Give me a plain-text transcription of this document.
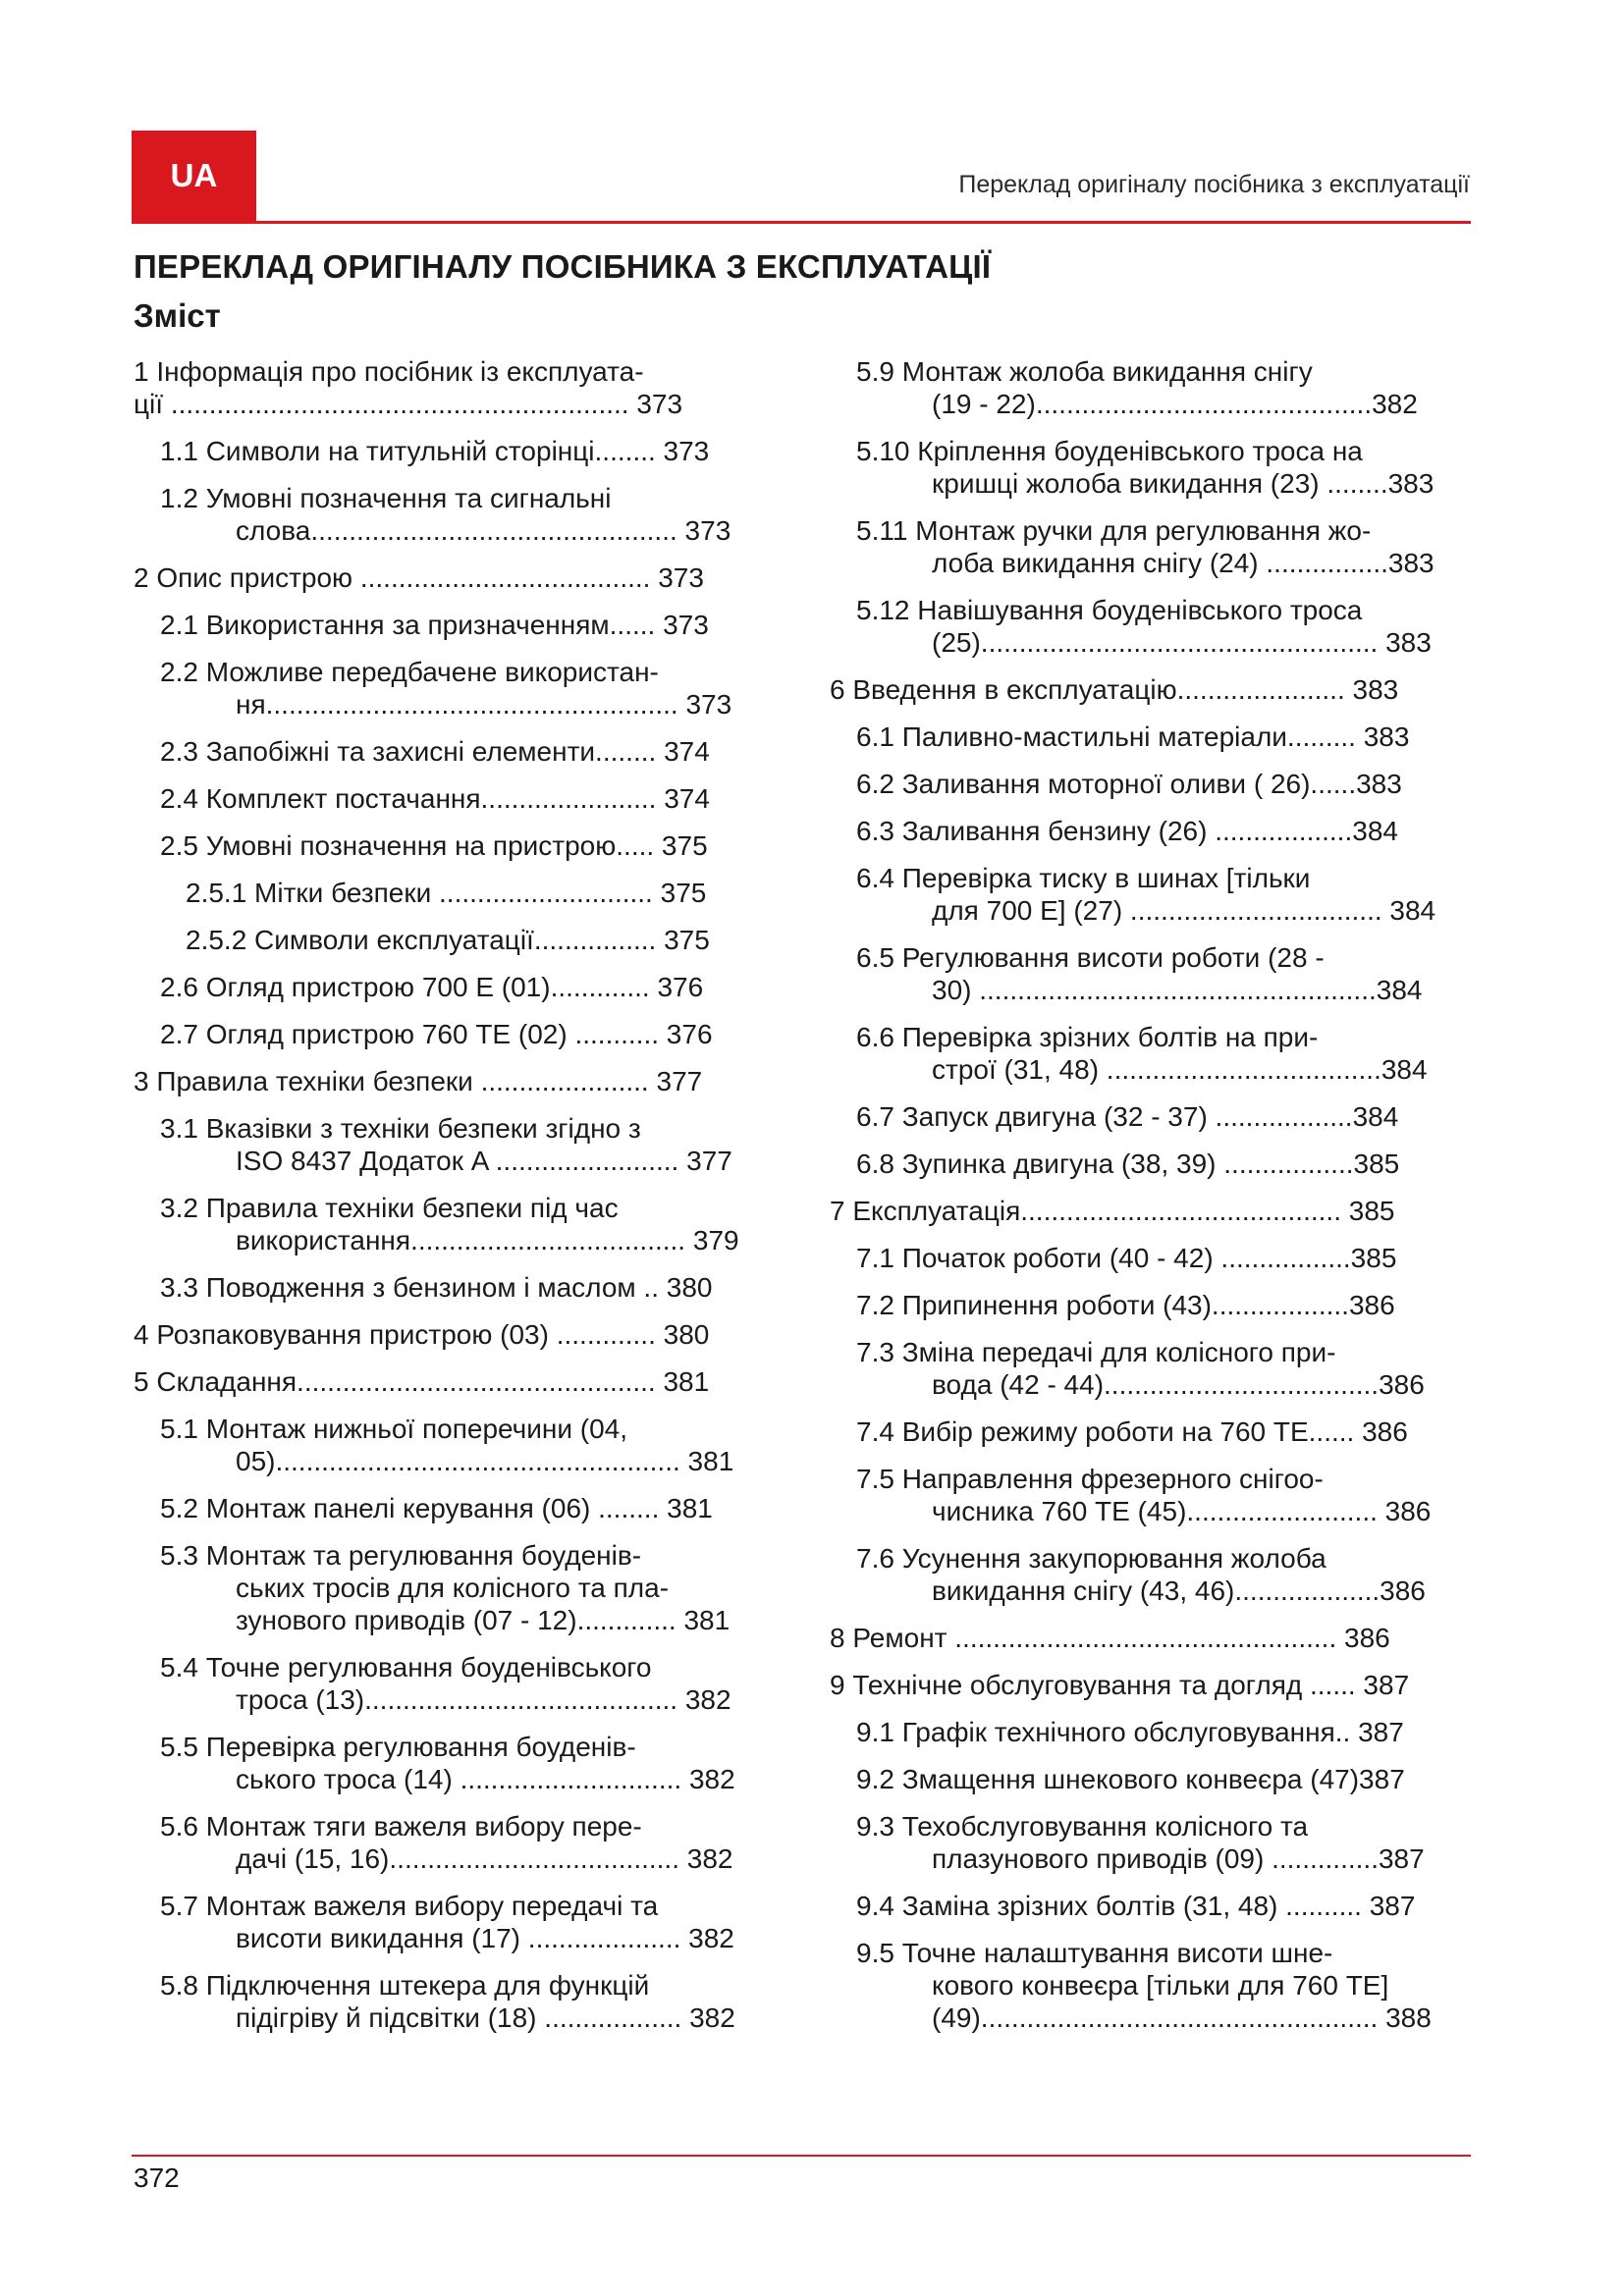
UA	Переклад оригіналу посібника з експлуатації
ПЕРЕКЛАД ОРИГІНАЛУ ПОСІБНИКА З ЕКСПЛУАТАЦІЇ
Зміст
1 Інформація про посібник із експлуата-
ції ............................................................ 373
1.1 Символи на титульній сторінці........ 373
1.2 Умовні позначення та сигнальні
слова................................................ 373
2 Опис пристрою ...................................... 373
2.1 Використання за призначенням...... 373
2.2 Можливе передбачене використан-
ня...................................................... 373
2.3 Запобіжні та захисні елементи........ 374
2.4 Комплект постачання....................... 374
2.5 Умовні позначення на пристрою..... 375
2.5.1 Мітки безпеки ............................ 375
2.5.2 Символи експлуатації................ 375
2.6 Огляд пристрою 700 E (01)............. 376
2.7 Огляд пристрою 760 TE (02) ........... 376
3 Правила техніки безпеки ...................... 377
3.1 Вказівки з техніки безпеки згідно з
ISO 8437 Додаток A ........................ 377
3.2 Правила техніки безпеки під час
використання.................................... 379
3.3 Поводження з бензином і маслом .. 380
4 Розпаковування пристрою (03) ............. 380
5 Складання............................................... 381
5.1 Монтаж нижньої поперечини (04,
05)..................................................... 381
5.2 Монтаж панелі керування (06) ........ 381
5.3 Монтаж та регулювання боуденів-
ських тросів для колісного та пла-
зунового приводів (07 - 12)............. 381
5.4 Точне регулювання боуденівського
троса (13)......................................... 382
5.5 Перевірка регулювання боуденів-
ського троса (14) ............................. 382
5.6 Монтаж тяги важеля вибору пере-
дачі (15, 16)...................................... 382
5.7 Монтаж важеля вибору передачі та
висоти викидання (17) .................... 382
5.8 Підключення штекера для функцій
підігріву й підсвітки (18) .................. 382
5.9 Монтаж жолоба викидання снігу
(19 - 22)............................................382
5.10 Кріплення боуденівського троса на
кришці жолоба викидання (23) ........383
5.11 Монтаж ручки для регулювання жо-
лоба викидання снігу (24) ................383
5.12 Навішування боуденівського троса
(25).................................................... 383
6 Введення в експлуатацію...................... 383
6.1 Паливно-мастильні матеріали......... 383
6.2 Заливання моторної оливи ( 26)......383
6.3 Заливання бензину (26) ..................384
6.4 Перевірка тиску в шинах [тільки
для 700 E] (27) ................................. 384
6.5 Регулювання висоти роботи (28 -
30) ....................................................384
6.6 Перевірка зрізних болтів на при-
строї (31, 48) ....................................384
6.7 Запуск двигуна (32 - 37) ..................384
6.8 Зупинка двигуна (38, 39) .................385
7 Експлуатація.......................................... 385
7.1 Початок роботи (40 - 42) .................385
7.2 Припинення роботи (43)..................386
7.3 Зміна передачі для колісного при-
вода (42 - 44)....................................386
7.4 Вибір режиму роботи на 760 TE...... 386
7.5 Направлення фрезерного снігоо-
чисника 760 TE (45)......................... 386
7.6 Усунення закупорювання жолоба
викидання снігу (43, 46)...................386
8 Ремонт .................................................. 386
9 Технічне обслуговування та догляд ...... 387
9.1 Графік технічного обслуговування.. 387
9.2 Змащення шнекового конвеєра (47)387
9.3 Техобслуговування колісного та
плазунового приводів (09) ..............387
9.4 Заміна зрізних болтів (31, 48) .......... 387
9.5 Точне налаштування висоти шне-
кового конвеєра [тільки для 760 TE]
(49).................................................... 388
372
